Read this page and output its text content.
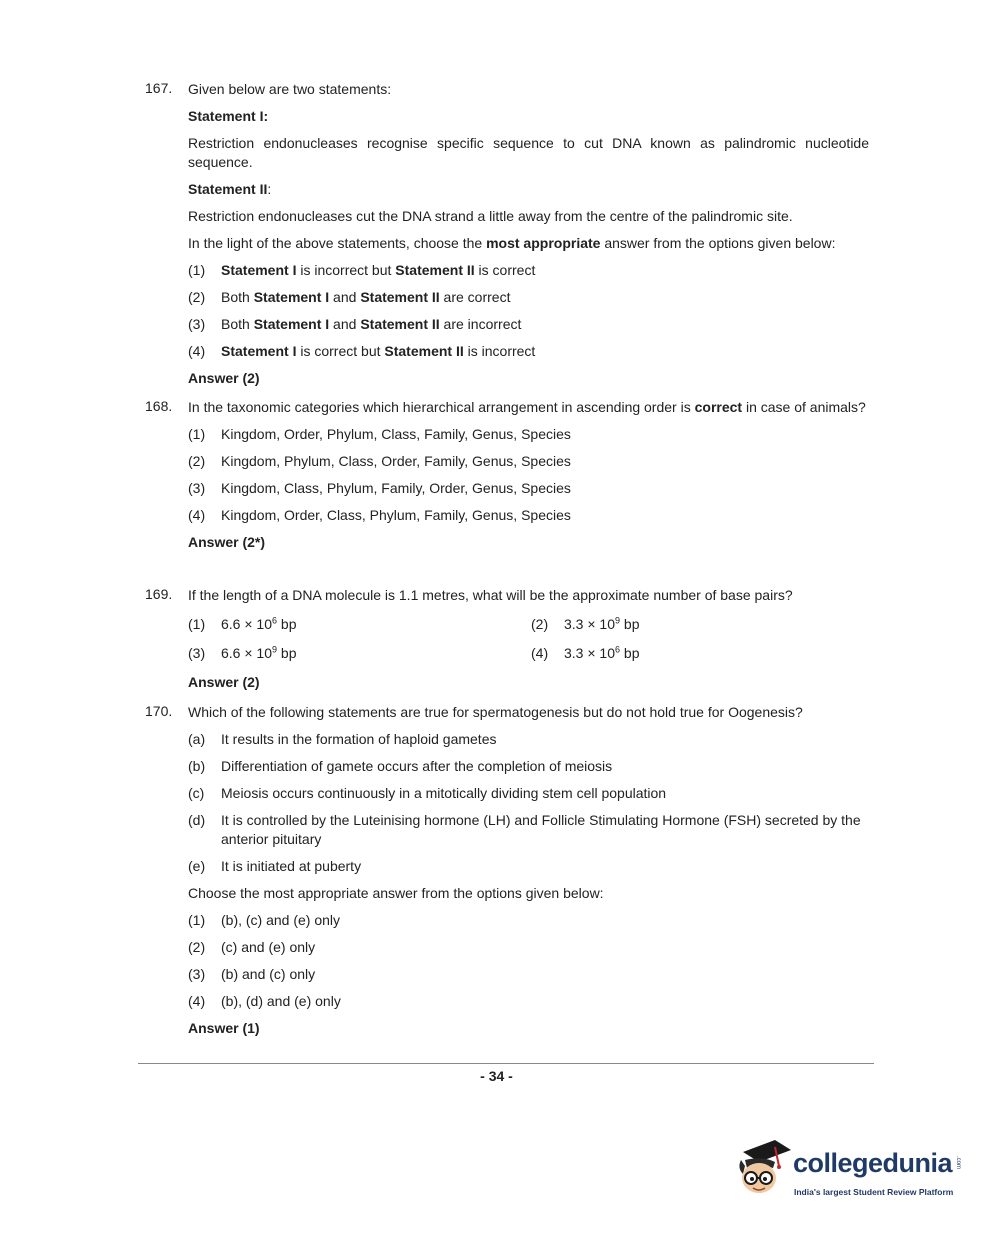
167. Given below are two statements:

Statement I:

Restriction endonucleases recognise specific sequence to cut DNA known as palindromic nucleotide sequence.

Statement II:

Restriction endonucleases cut the DNA strand a little away from the centre of the palindromic site.

In the light of the above statements, choose the most appropriate answer from the options given below:

(1)	Statement I is incorrect but Statement II is correct
(2)	Both Statement I and Statement II are correct
(3)	Both Statement I and Statement II are incorrect
(4)	Statement I is correct but Statement II is incorrect

Answer (2)

168. In the taxonomic categories which hierarchical arrangement in ascending order is correct in case of animals?

(1)	Kingdom, Order, Phylum, Class, Family, Genus, Species
(2)	Kingdom, Phylum, Class, Order, Family, Genus, Species
(3)	Kingdom, Class, Phylum, Family, Order, Genus, Species
(4)	Kingdom, Order, Class, Phylum, Family, Genus, Species

Answer (2*)

169. If the length of a DNA molecule is 1.1 metres, what will be the approximate number of base pairs?

(1)	$6.6 \times 10^6$ bp	(2)	$3.3 \times 10^9$ bp
(3)	$6.6 \times 10^9$ bp	(4)	$3.3 \times 10^6$ bp

Answer (2)

170. Which of the following statements are true for spermatogenesis but do not hold true for Oogenesis?

(a)	It results in the formation of haploid gametes
(b)	Differentiation of gamete occurs after the completion of meiosis
(c)	Meiosis occurs continuously in a mitotically dividing stem cell population
(d)	It is controlled by the Luteinising hormone (LH) and Follicle Stimulating Hormone (FSH) secreted by the anterior pituitary
(e)	It is initiated at puberty

Choose the most appropriate answer from the options given below:

(1)	(b), (c) and (e) only
(2)	(c) and (e) only
(3)	(b) and (c) only
(4)	(b), (d) and (e) only

Answer (1)

- 34 -
collegedunia .com
India's largest Student Review Platform
